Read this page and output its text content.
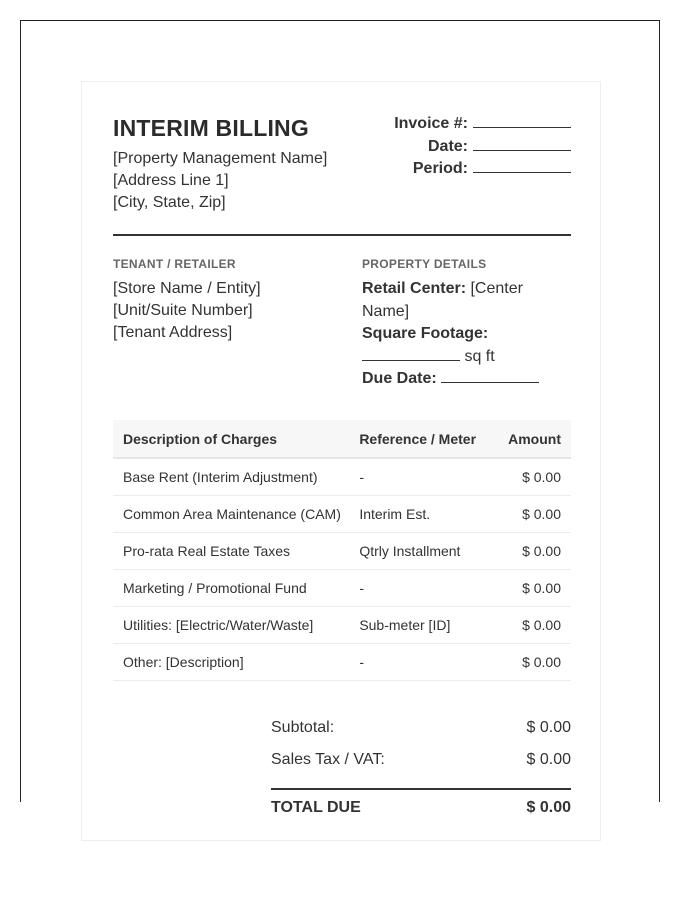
INTERIM BILLING
[Property Management Name]
[Address Line 1]
[City, State, Zip]
Invoice #:
Date:
Period:
TENANT / RETAILER
[Store Name / Entity]
[Unit/Suite Number]
[Tenant Address]
PROPERTY DETAILS
Retail Center: [Center Name]
Square Footage:
sq ft
Due Date:
Description of Charges	Reference / Meter	Amount
Base Rent (Interim Adjustment)	-	$ 0.00
Common Area Maintenance (CAM)	Interim Est.	$ 0.00
Pro-rata Real Estate Taxes	Qtrly Installment	$ 0.00
Marketing / Promotional Fund	-	$ 0.00
Utilities: [Electric/Water/Waste]	Sub-meter [ID]	$ 0.00
Other: [Description]	-	$ 0.00
Subtotal:	$ 0.00
Sales Tax / VAT:	$ 0.00
TOTAL DUE	$ 0.00
